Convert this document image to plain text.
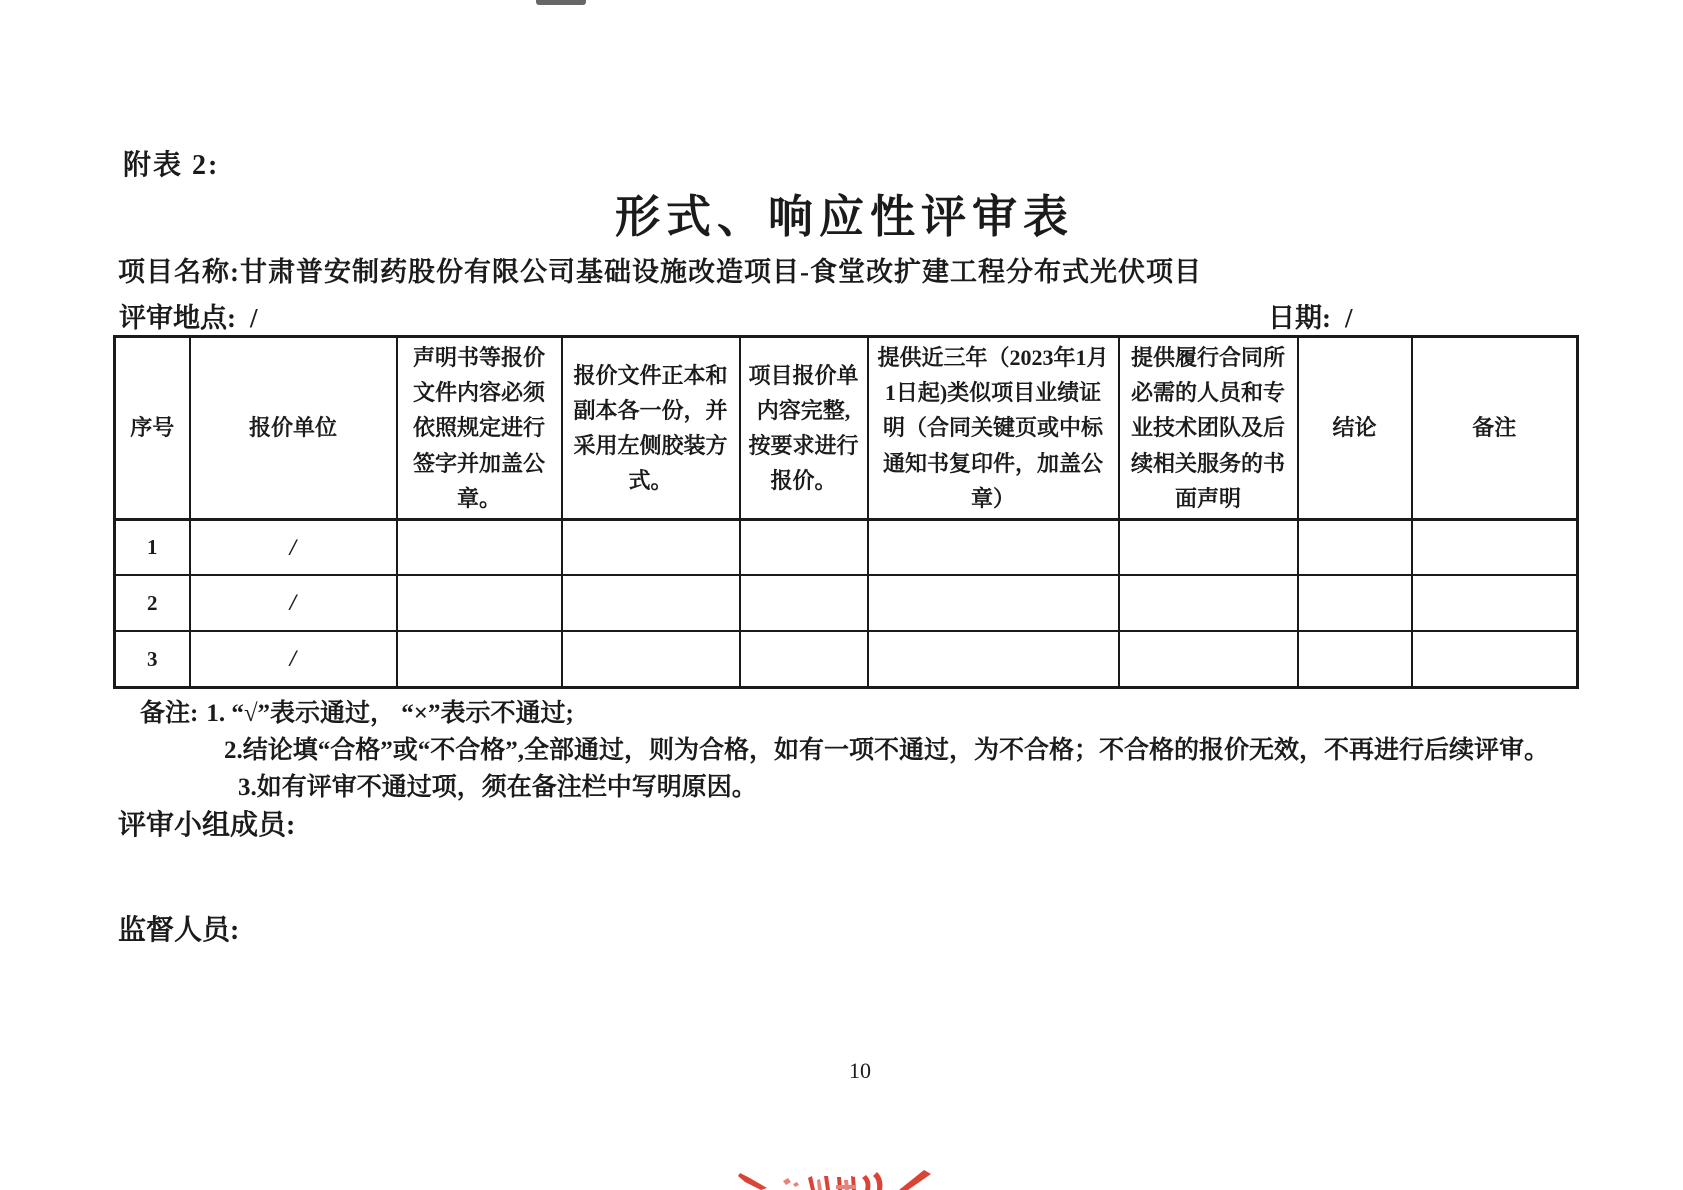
附表 2:
形式、响应性评审表
项目名称:甘肃普安制药股份有限公司基础设施改造项目-食堂改扩建工程分布式光伏项目
评审地点: /	日期: /
序号	报价单位	声明书等报价文件内容必须依照规定进行签字并加盖公章。	报价文件正本和副本各一份，并采用左侧胶装方式。	项目报价单内容完整,按要求进行报价。	提供近三年（2023年1月1日起)类似项目业绩证明（合同关键页或中标通知书复印件，加盖公章）	提供履行合同所必需的人员和专业技术团队及后续相关服务的书面声明	结论	备注
1	/							
2	/							
3	/							
备注: 1. “√”表示通过， “×”表示不通过;
2.结论填“合格”或“不合格”,全部通过，则为合格，如有一项不通过，为不合格；不合格的报价无效，不再进行后续评审。
3.如有评审不通过项，须在备注栏中写明原因。
评审小组成员:
监督人员:
10
